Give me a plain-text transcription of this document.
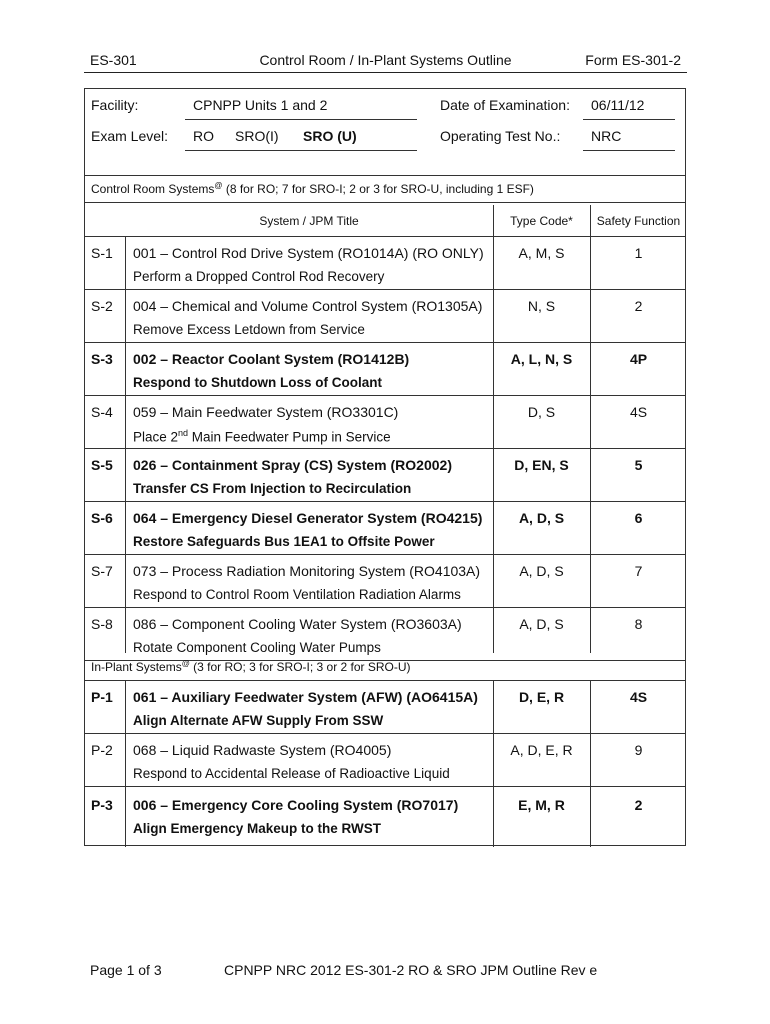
ES-301	Control Room / In-Plant Systems Outline	Form ES-301-2
Facility:	CPNPP Units 1 and 2	Date of Examination: 06/11/12
Exam Level: RO SRO(I) SRO (U)	Operating Test No.: NRC
Control Room Systems@ (8 for RO; 7 for SRO-I; 2 or 3 for SRO-U, including 1 ESF)
System / JPM Title	Type Code*	Safety Function
S-1 001 – Control Rod Drive System (RO1014A) (RO ONLY)
Perform a Dropped Control Rod Recovery
A, M, S	1
S-2 004 – Chemical and Volume Control System (RO1305A)
Remove Excess Letdown from Service
N, S	2
S-3 002 – Reactor Coolant System (RO1412B)
Respond to Shutdown Loss of Coolant
A, L, N, S	4P
S-4 059 – Main Feedwater System (RO3301C)
Place 2nd Main Feedwater Pump in Service
D, S	4S
S-5 026 – Containment Spray (CS) System (RO2002)
Transfer CS From Injection to Recirculation
D, EN, S	5
S-6 064 – Emergency Diesel Generator System (RO4215)
Restore Safeguards Bus 1EA1 to Offsite Power
A, D, S	6
S-7 073 – Process Radiation Monitoring System (RO4103A)
Respond to Control Room Ventilation Radiation Alarms
A, D, S	7
S-8 086 – Component Cooling Water System (RO3603A)
Rotate Component Cooling Water Pumps
A, D, S	8
In-Plant Systems@ (3 for RO; 3 for SRO-I; 3 or 2 for SRO-U)
P-1 061 – Auxiliary Feedwater System (AFW) (AO6415A)
Align Alternate AFW Supply From SSW
D, E, R	4S
P-2 068 – Liquid Radwaste System (RO4005)
Respond to Accidental Release of Radioactive Liquid
A, D, E, R	9
P-3 006 – Emergency Core Cooling System (RO7017)
Align Emergency Makeup to the RWST
E, M, R	2
Page 1 of 3	CPNPP NRC 2012 ES-301-2 RO & SRO JPM Outline Rev e
